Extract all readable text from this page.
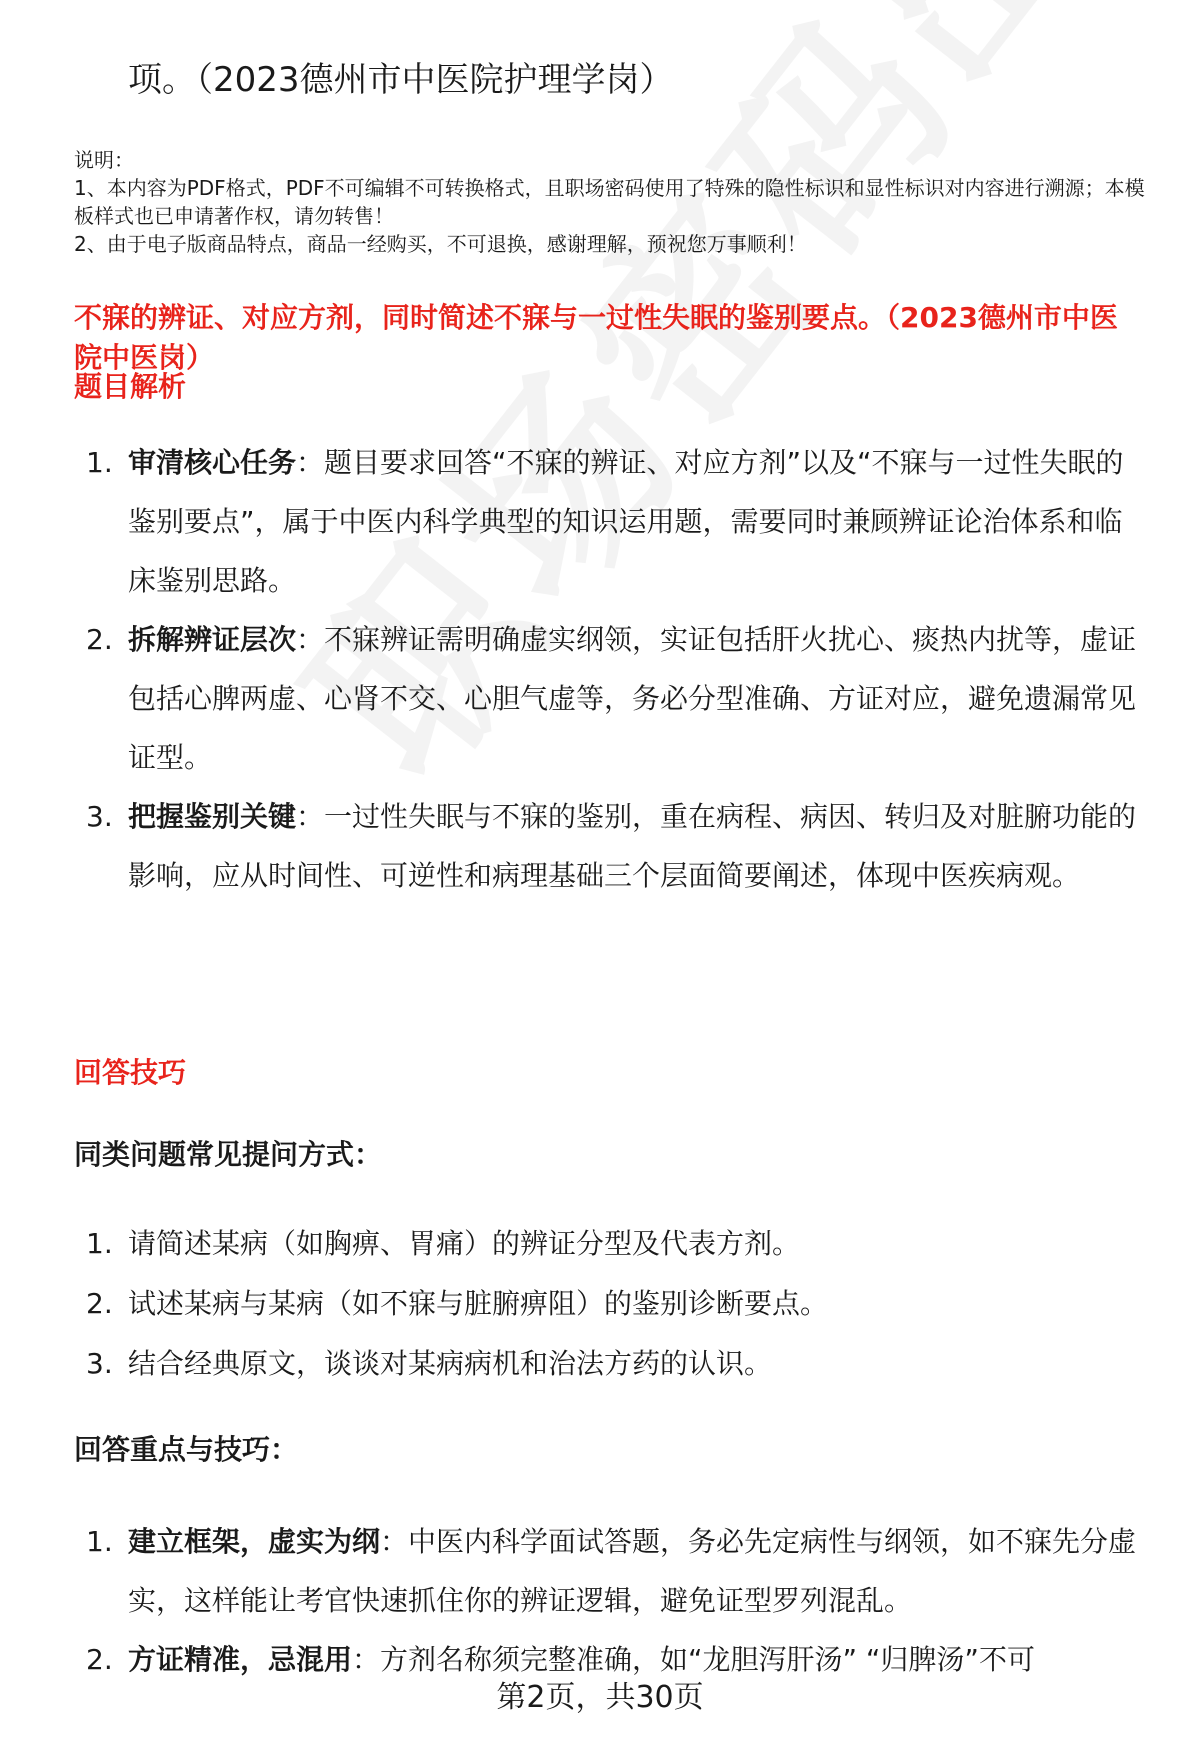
项。（2023德州市中医院护理学岗）

说明：

1、本内容为PDF格式，PDF不可编辑不可转换格式，且职场密码使用了特殊的隐性标识和显性标识对内容进行溯源；本模板样式也已申请著作权，请勿转售！

2、由于电子版商品特点，商品一经购买，不可退换，感谢理解，预祝您万事顺利！

不寐的辨证、对应方剂，同时简述不寐与一过性失眠的鉴别要点。（2023德州市中医院中医岗）
题目解析
1. 审清核心任务：题目要求回答“不寐的辨证、对应方剂”以及“不寐与一过性失眠的鉴别要点”，属于中医内科学典型的知识运用题，需要同时兼顾辨证论治体系和临床鉴别思路。
2. 拆解辨证层次：不寐辨证需明确虚实纲领，实证包括肝火扰心、痰热内扰等，虚证包括心脾两虚、心肾不交、心胆气虚等，务必分型准确、方证对应，避免遗漏常见证型。
3. 把握鉴别关键：一过性失眠与不寐的鉴别，重在病程、病因、转归及对脏腑功能的影响，应从时间性、可逆性和病理基础三个层面简要阐述，体现中医疾病观。
回答技巧
同类问题常见提问方式：
1. 请简述某病（如胸痹、胃痛）的辨证分型及代表方剂。
2. 试述某病与某病（如不寐与脏腑痹阻）的鉴别诊断要点。
3. 结合经典原文，谈谈对某病病机和治法方药的认识。
回答重点与技巧：
1. 建立框架，虚实为纲：中医内科学面试答题，务必先定病性与纲领，如不寐先分虚实，这样能让考官快速抓住你的辨证逻辑，避免证型罗列混乱。
2. 方证精准，忌混用：方剂名称须完整准确，如“龙胆泻肝汤” “归脾汤”不可
第2页，共30页
